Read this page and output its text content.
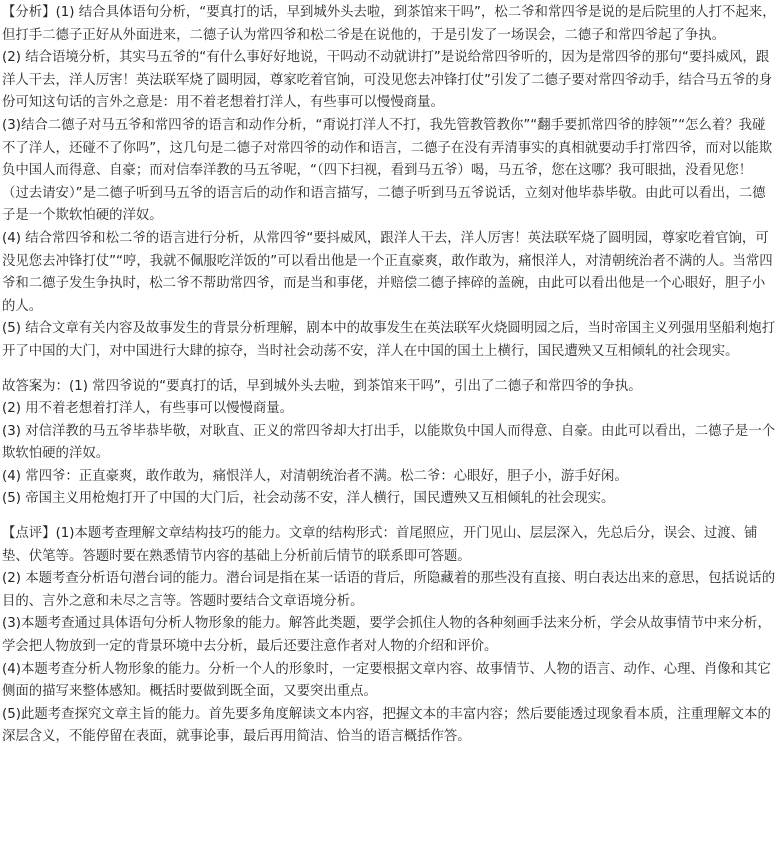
【分析】(1) 结合具体语句分析，“要真打的话，早到城外头去啦，到茶馆来干吗”，松二爷和常四爷是说的是后院里的人打不起来，但打手二德子正好从外面进来，二德子认为常四爷和松二爷是在说他的，于是引发了一场误会，二德子和常四爷起了争执。

(2) 结合语境分析，其实马五爷的“有什么事好好地说，干吗动不动就讲打”是说给常四爷听的，因为是常四爷的那句“要抖威风，跟洋人干去，洋人厉害！英法联军烧了圆明园，尊家吃着官饷，可没见您去冲锋打仗”引发了二德子要对常四爷动手，结合马五爷的身份可知这句话的言外之意是：用不着老想着打洋人，有些事可以慢慢商量。

(3)结合二德子对马五爷和常四爷的语言和动作分析，“甭说打洋人不打，我先管教管教你”“翻手要抓常四爷的脖领”“怎么着？我碰不了洋人，还碰不了你吗”，这几句是二德子对常四爷的动作和语言，二德子在没有弄清事实的真相就要动手打常四爷，而对以能欺负中国人而得意、自豪；而对信奉洋教的马五爷呢，“（四下扫视，看到马五爷）喝，马五爷，您在这哪？我可眼拙，没看见您！（过去请安）”是二德子听到马五爷的语言后的动作和语言描写，二德子听到马五爷说话，立刻对他毕恭毕敬。由此可以看出，二德子是一个欺软怕硬的洋奴。

(4) 结合常四爷和松二爷的语言进行分析，从常四爷“要抖威风，跟洋人干去，洋人厉害！英法联军烧了圆明园，尊家吃着官饷，可没见您去冲锋打仗”“哼，我就不佩服吃洋饭的”可以看出他是一个正直豪爽，敢作敢为，痛恨洋人，对清朝统治者不满的人。当常四爷和二德子发生争执时，松二爷不帮助常四爷，而是当和事佬，并赔偿二德子摔碎的盖碗，由此可以看出他是一个心眼好，胆子小的人。

(5) 结合文章有关内容及故事发生的背景分析理解，剧本中的故事发生在英法联军火烧圆明园之后，当时帝国主义列强用坚船利炮打开了中国的大门，对中国进行大肆的掠夺，当时社会动荡不安，洋人在中国的国土上横行，国民遭殃又互相倾轧的社会现实。

故答案为：(1) 常四爷说的“要真打的话，早到城外头去啦，到茶馆来干吗”，引出了二德子和常四爷的争执。

(2) 用不着老想着打洋人，有些事可以慢慢商量。

(3) 对信洋教的马五爷毕恭毕敬，对耿直、正义的常四爷却大打出手，以能欺负中国人而得意、自豪。由此可以看出，二德子是一个欺软怕硬的洋奴。

(4) 常四爷：正直豪爽，敢作敢为，痛恨洋人，对清朝统治者不满。松二爷：心眼好，胆子小，游手好闲。

(5) 帝国主义用枪炮打开了中国的大门后，社会动荡不安，洋人横行，国民遭殃又互相倾轧的社会现实。

【点评】(1)本题考查理解文章结构技巧的能力。文章的结构形式：首尾照应，开门见山、层层深入，先总后分，误会、过渡、铺垫、伏笔等。答题时要在熟悉情节内容的基础上分析前后情节的联系即可答题。

(2) 本题考查分析语句潜台词的能力。潜台词是指在某一话语的背后，所隐藏着的那些没有直接、明白表达出来的意思，包括说话的目的、言外之意和未尽之言等。答题时要结合文章语境分析。

(3)本题考查通过具体语句分析人物形象的能力。解答此类题，要学会抓住人物的各种刻画手法来分析，学会从故事情节中来分析，学会把人物放到一定的背景环境中去分析，最后还要注意作者对人物的介绍和评价。

(4)本题考查分析人物形象的能力。分析一个人的形象时，一定要根据文章内容、故事情节、人物的语言、动作、心理、肖像和其它侧面的描写来整体感知。概括时要做到既全面，又要突出重点。

(5)此题考查探究文章主旨的能力。首先要多角度解读文本内容，把握文本的丰富内容；然后要能透过现象看本质，注重理解文本的深层含义，不能停留在表面，就事论事，最后再用简洁、恰当的语言概括作答。
